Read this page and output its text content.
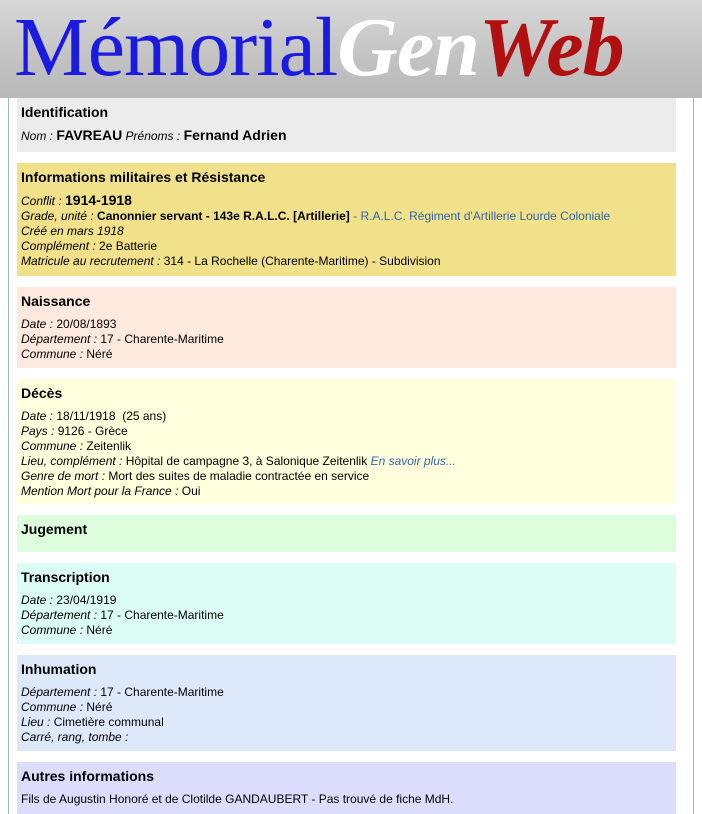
MémorialGenWeb
Identification
Nom : FAVREAU Prénoms : Fernand Adrien
Informations militaires et Résistance
Conflit : 1914-1918
Grade, unité : Canonnier servant - 143e R.A.L.C. [Artillerie] - R.A.L.C. Régiment d'Artillerie Lourde Coloniale
Créé en mars 1918
Complément : 2e Batterie
Matricule au recrutement : 314 - La Rochelle (Charente-Maritime) - Subdivision
Naissance
Date : 20/08/1893
Département : 17 - Charente-Maritime
Commune : Néré
Décès
Date : 18/11/1918  (25 ans)
Pays : 9126 - Grèce
Commune : Zeitenlik
Lieu, complément : Hôpital de campagne 3, à Salonique Zeitenlik En savoir plus...
Genre de mort : Mort des suites de maladie contractée en service
Mention Mort pour la France : Oui
Jugement
Transcription
Date : 23/04/1919
Département : 17 - Charente-Maritime
Commune : Néré
Inhumation
Département : 17 - Charente-Maritime
Commune : Néré
Lieu : Cimetière communal
Carré, rang, tombe :
Autres informations
Fils de Augustin Honoré et de Clotilde GANDAUBERT - Pas trouvé de fiche MdH.
